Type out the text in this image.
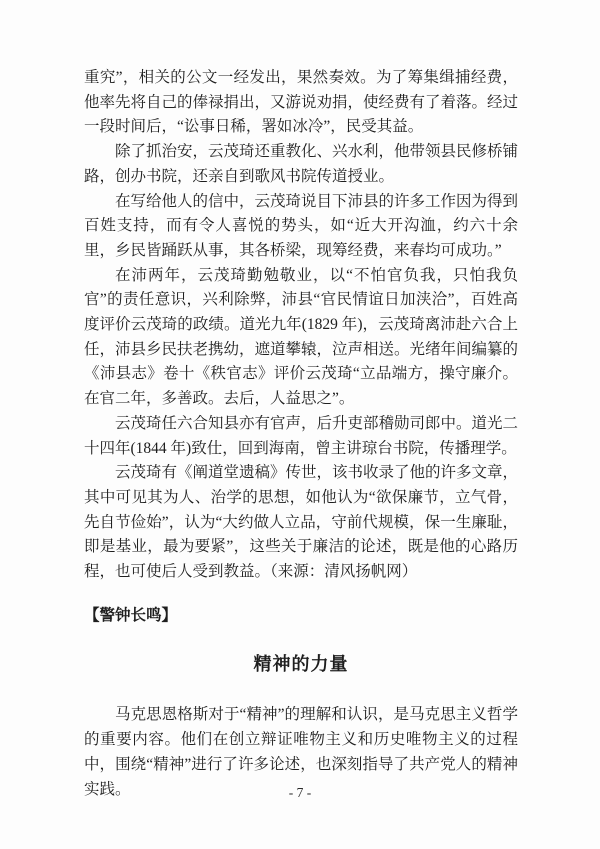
重究”，相关的公文一经发出，果然奏效。为了筹集缉捕经费，他率先将自己的俸禄捐出，又游说劝捐，使经费有了着落。经过一段时间后，“讼事日稀，署如冰冷”，民受其益。

除了抓治安，云茂琦还重教化、兴水利，他带领县民修桥铺路，创办书院，还亲自到歌风书院传道授业。

在写给他人的信中，云茂琦说目下沛县的许多工作因为得到百姓支持，而有令人喜悦的势头，如“近大开沟洫，约六十余里，乡民皆踊跃从事，其各桥梁，现筹经费，来春均可成功。”

在沛两年，云茂琦勤勉敬业，以“不怕官负我，只怕我负官”的责任意识，兴利除弊，沛县“官民情谊日加浃洽”，百姓高度评价云茂琦的政绩。道光九年(1829 年)，云茂琦离沛赴六合上任，沛县乡民扶老携幼，遮道攀辕，泣声相送。光绪年间编纂的《沛县志》卷十《秩官志》评价云茂琦“立品端方，操守廉介。在官二年，多善政。去后，人益思之”。

云茂琦任六合知县亦有官声，后升吏部稽勋司郎中。道光二十四年(1844 年)致仕，回到海南，曾主讲琼台书院，传播理学。

云茂琦有《阐道堂遗稿》传世，该书收录了他的许多文章，其中可见其为人、治学的思想，如他认为“欲保廉节，立气骨，先自节俭始”，认为“大约做人立品，守前代规模，保一生廉耻，即是基业，最为要紧”，这些关于廉洁的论述，既是他的心路历程，也可使后人受到教益。（来源：清风扬帆网）

【警钟长鸣】

精神的力量

马克思恩格斯对于“精神”的理解和认识，是马克思主义哲学的重要内容。他们在创立辩证唯物主义和历史唯物主义的过程中，围绕“精神”进行了许多论述，也深刻指导了共产党人的精神实践。	- 7 -
